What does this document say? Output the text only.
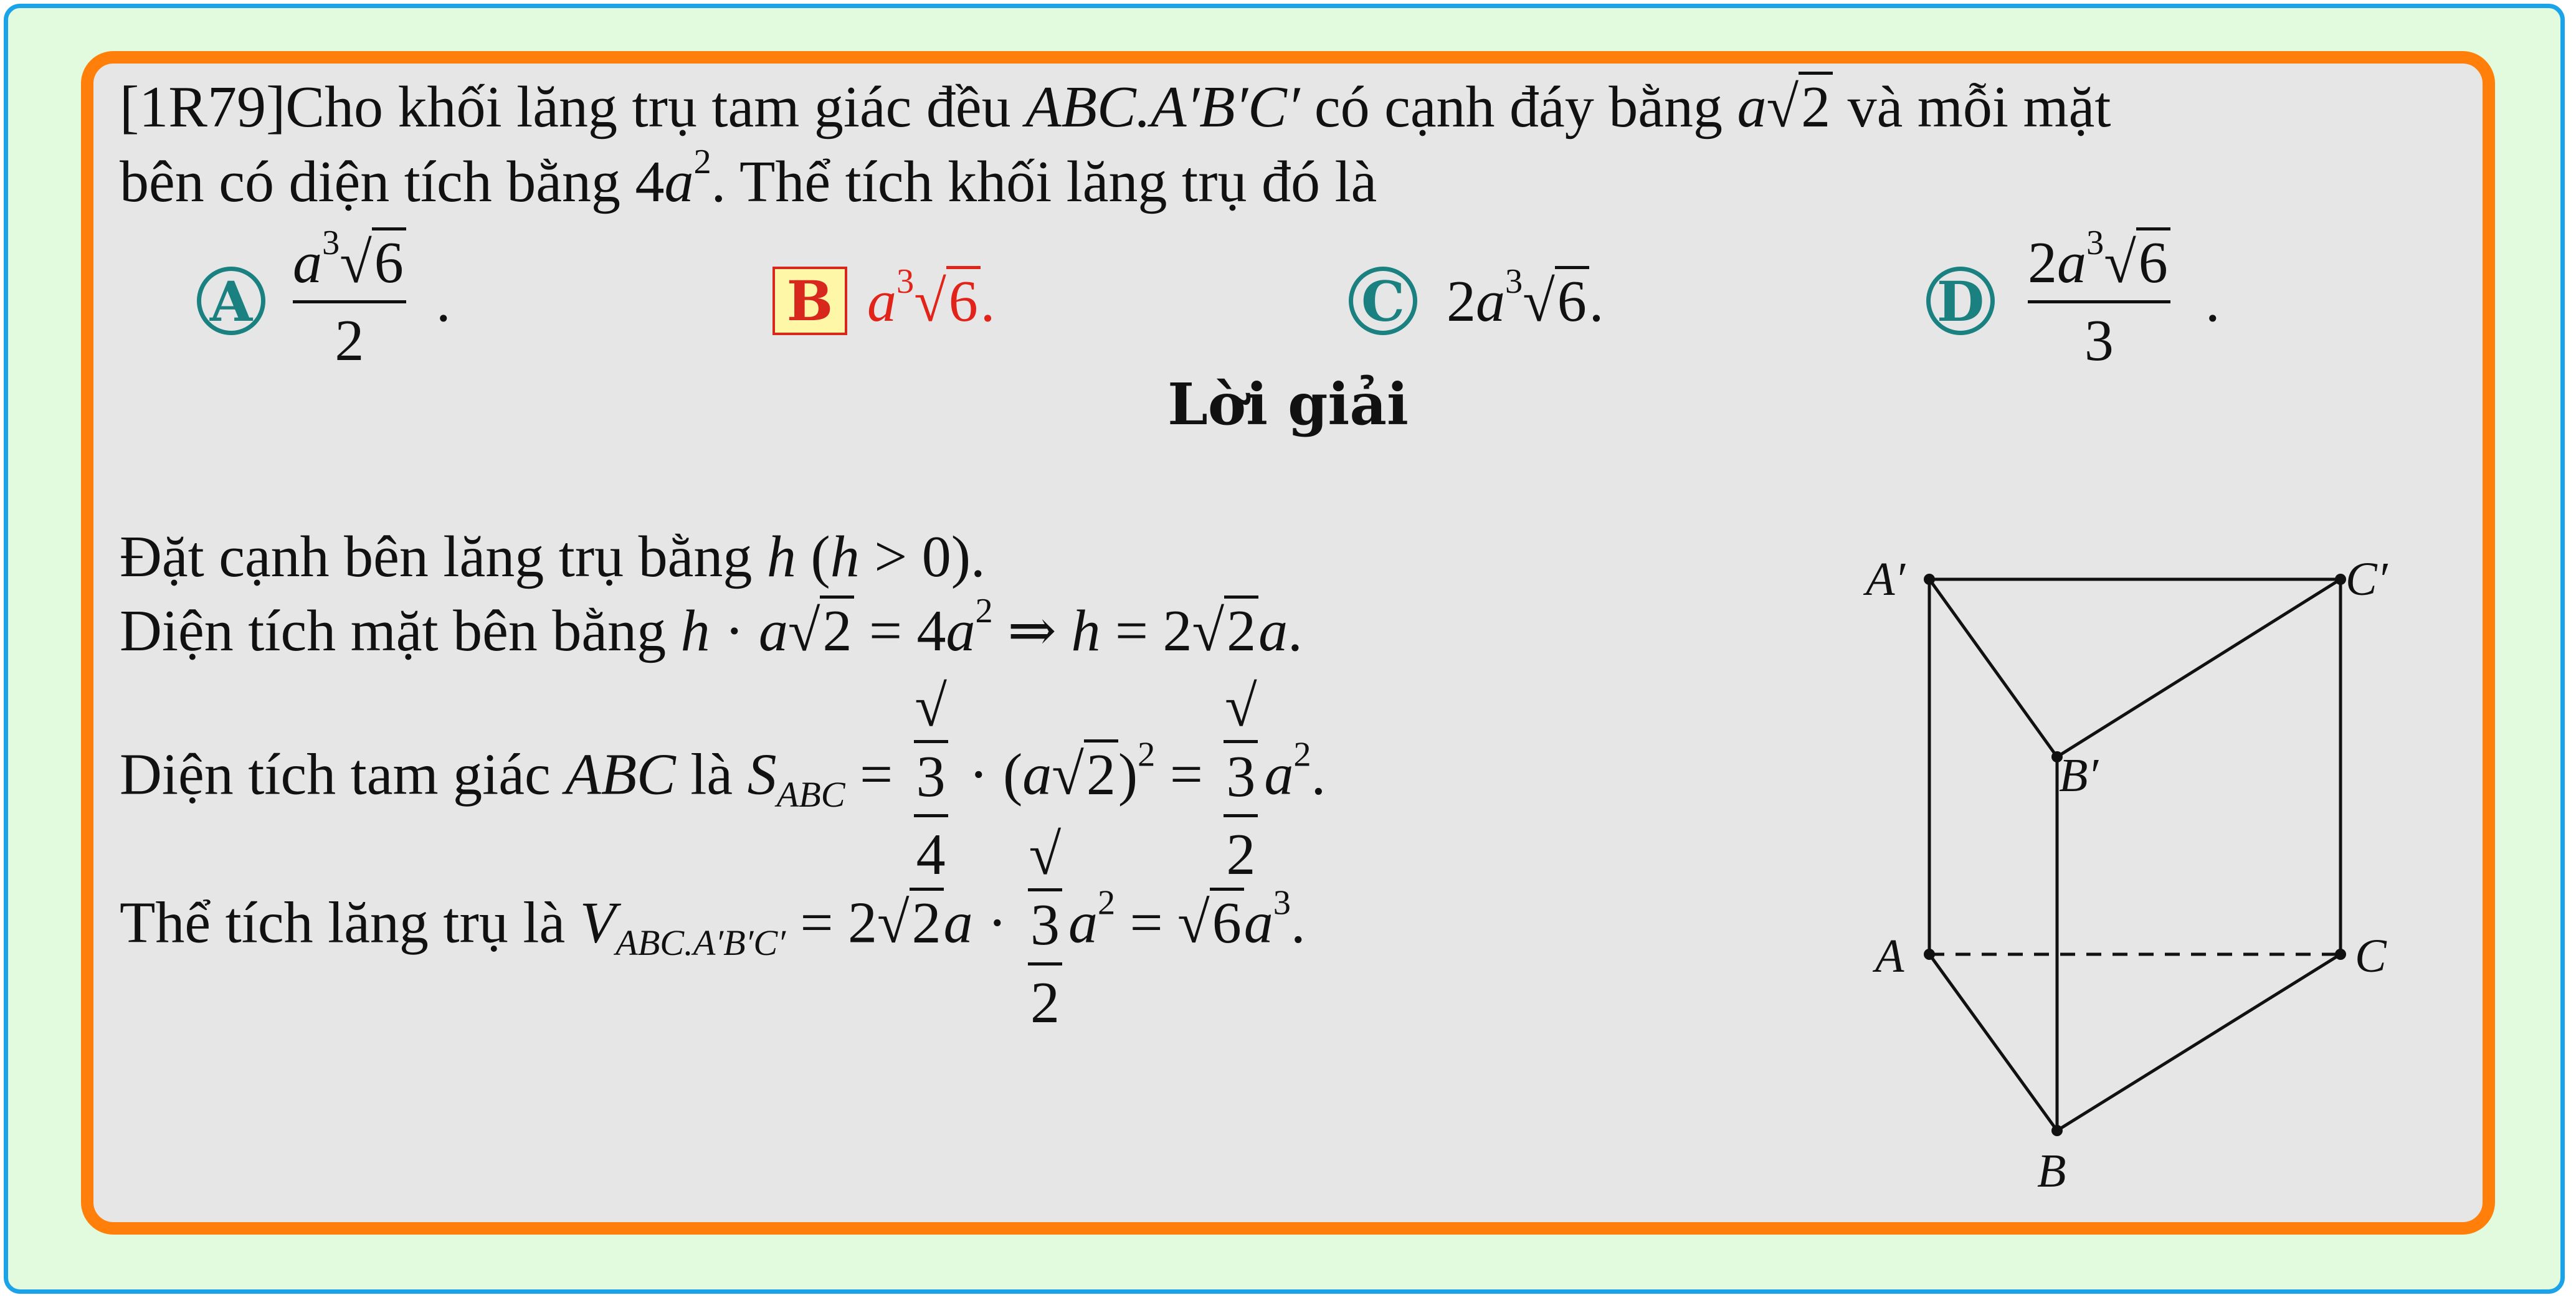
[1R79]Cho khối lăng trụ tam giác đều ABC.A′B′C′ có cạnh đáy bằng a√2 và mỗi mặt
bên có diện tích bằng $4a^2$. Thể tích khối lăng trụ đó là
A
$a^3√6$
2
.	B $a^3√6$.	C $2a^3√6$.	D
$2a^3√6$
3
.
Lời giải
Đặt cạnh bên lăng trụ bằng h (h > 0).
Diện tích mặt bên bằng $h \cdot a√2 = 4a^2$ ⇒ h = 2√2a.
Diện tích tam giác ABC là $S_{ABC}$ =
√
3
4
· $(a√2)^2$ =
√
3
2
$a^2$.
Thể tích lăng trụ là $V_{ABC.A'B'C'} = 2√2a$ ·
√
3
2
$a^2 = √6a^3$.
A′	C′
B′
A	C
B
